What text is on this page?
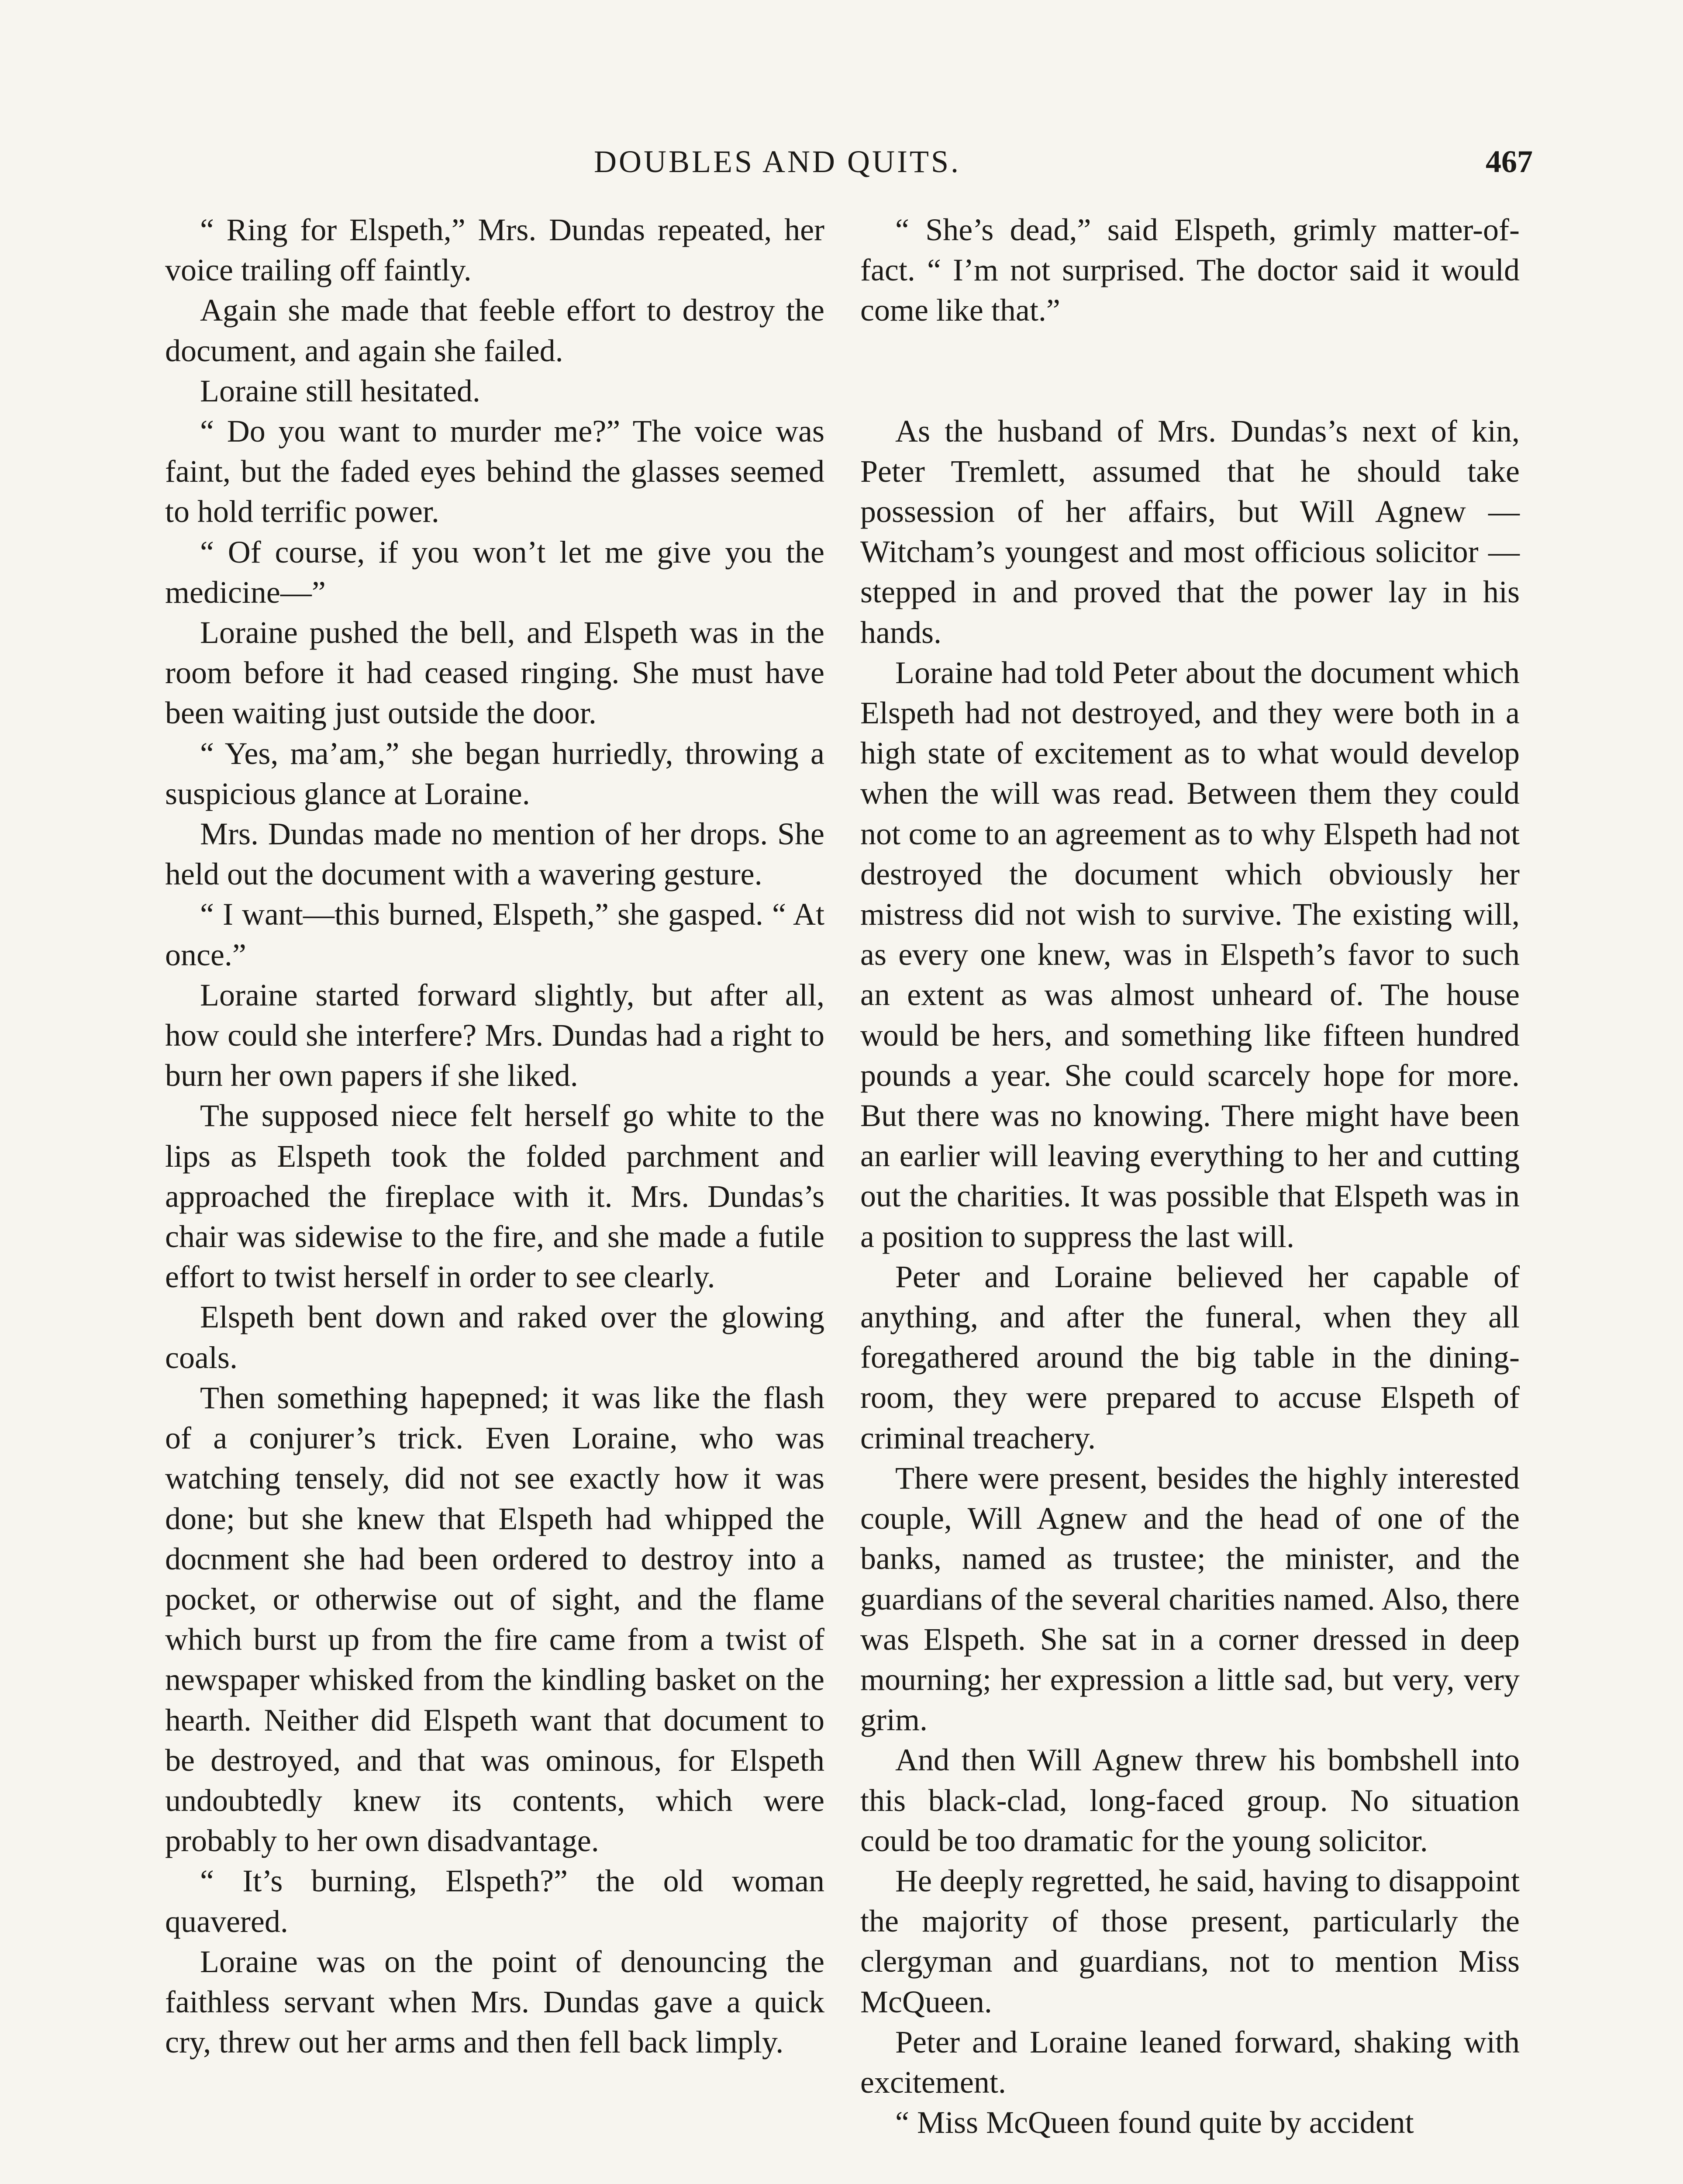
DOUBLES AND QUITS.	467

“ Ring for Elspeth,” Mrs. Dundas repeated, her voice trailing off faintly.

Again she made that feeble effort to destroy the document, and again she failed.

Loraine still hesitated.

“ Do you want to murder me?” The voice was faint, but the faded eyes behind the glasses seemed to hold terrific power.

“ Of course, if you won’t let me give you the medicine—”

Loraine pushed the bell, and Elspeth was in the room before it had ceased ringing. She must have been waiting just outside the door.

“ Yes, ma’am,” she began hurriedly, throwing a suspicious glance at Loraine.

Mrs. Dundas made no mention of her drops. She held out the document with a wavering gesture.

“ I want—this burned, Elspeth,” she gasped. “ At once.”

Loraine started forward slightly, but after all, how could she interfere? Mrs. Dundas had a right to burn her own papers if she liked.

The supposed niece felt herself go white to the lips as Elspeth took the folded parchment and approached the fireplace with it. Mrs. Dundas’s chair was sidewise to the fire, and she made a futile effort to twist herself in order to see clearly.

Elspeth bent down and raked over the glowing coals.

Then something hapepned; it was like the flash of a conjurer’s trick. Even Loraine, who was watching tensely, did not see exactly how it was done; but she knew that Elspeth had whipped the docnment she had been ordered to destroy into a pocket, or otherwise out of sight, and the flame which burst up from the fire came from a twist of newspaper whisked from the kindling basket on the hearth. Neither did Elspeth want that document to be destroyed, and that was ominous, for Elspeth undoubtedly knew its contents, which were probably to her own disadvantage.

“ It’s burning, Elspeth?” the old woman quavered.

Loraine was on the point of denouncing the faithless servant when Mrs. Dundas gave a quick cry, threw out her arms and then fell back limply.

“ She’s dead,” said Elspeth, grimly matter-of-fact. “ I’m not surprised. The doctor said it would come like that.”

As the husband of Mrs. Dundas’s next of kin, Peter Tremlett, assumed that he should take possession of her affairs, but Will Agnew — Witcham’s youngest and most officious solicitor — stepped in and proved that the power lay in his hands.

Loraine had told Peter about the document which Elspeth had not destroyed, and they were both in a high state of excitement as to what would develop when the will was read. Between them they could not come to an agreement as to why Elspeth had not destroyed the document which obviously her mistress did not wish to survive. The existing will, as every one knew, was in Elspeth’s favor to such an extent as was almost unheard of. The house would be hers, and something like fifteen hundred pounds a year. She could scarcely hope for more. But there was no knowing. There might have been an earlier will leaving everything to her and cutting out the charities. It was possible that Elspeth was in a position to suppress the last will.

Peter and Loraine believed her capable of anything, and after the funeral, when they all foregathered around the big table in the dining-room, they were prepared to accuse Elspeth of criminal treachery.

There were present, besides the highly interested couple, Will Agnew and the head of one of the banks, named as trustee; the minister, and the guardians of the several charities named. Also, there was Elspeth. She sat in a corner dressed in deep mourning; her expression a little sad, but very, very grim.

And then Will Agnew threw his bombshell into this black-clad, long-faced group. No situation could be too dramatic for the young solicitor.

He deeply regretted, he said, having to disappoint the majority of those present, particularly the clergyman and guardians, not to mention Miss McQueen.

Peter and Loraine leaned forward, shaking with excitement.

“ Miss McQueen found quite by accident
